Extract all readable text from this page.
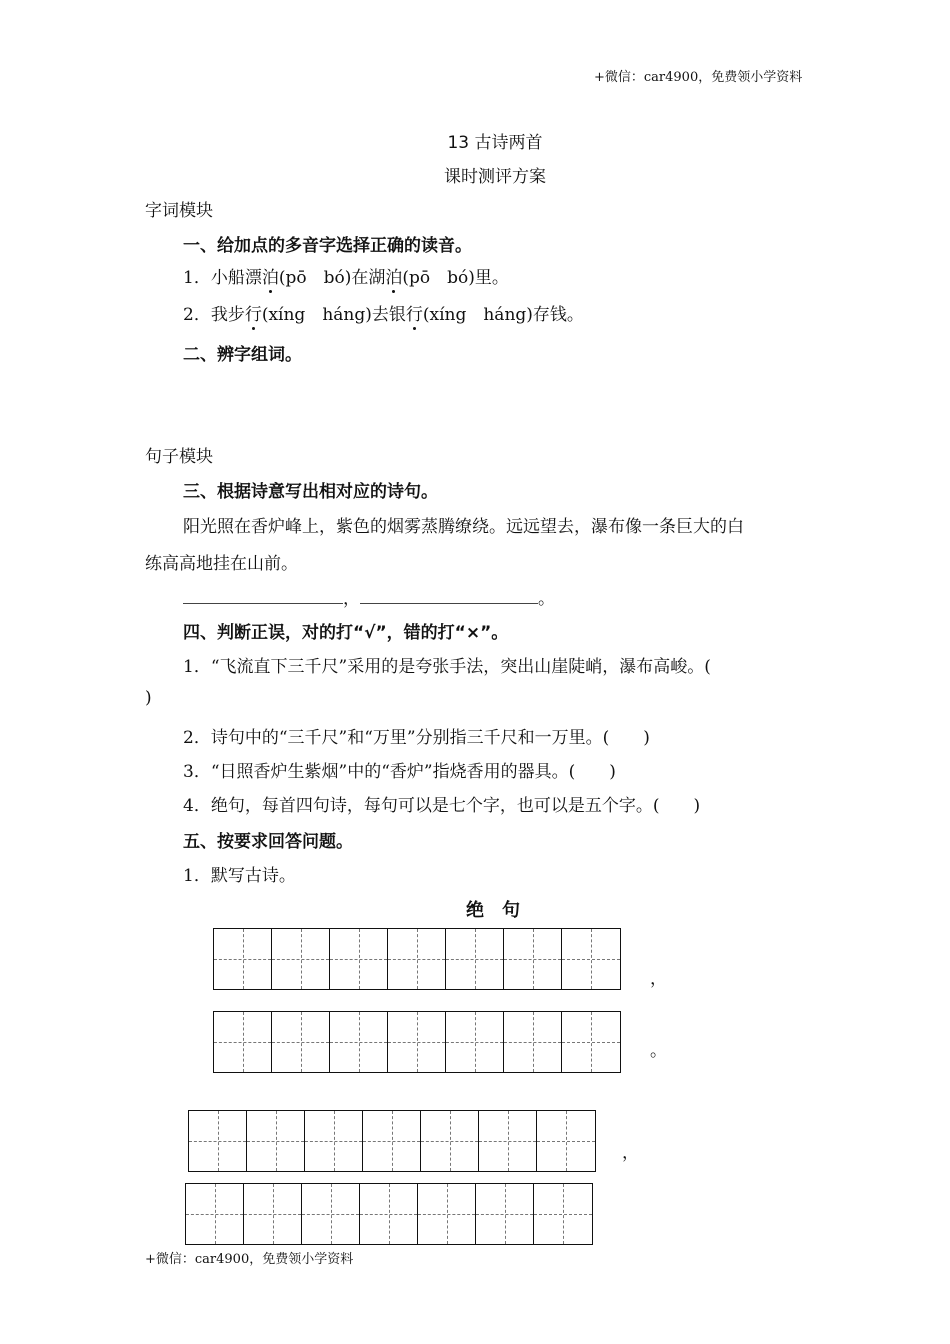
+微信：car4900，免费领小学资料
13 古诗两首
课时测评方案
字词模块
一、给加点的多音字选择正确的读音。
1．小船漂泊(pō　bó)在湖泊(pō　bó)里。
2．我步行(xíng　háng)去银行(xíng　háng)存钱。
二、辨字组词。
句子模块
三、根据诗意写出相对应的诗句。
阳光照在香炉峰上，紫色的烟雾蒸腾缭绕。远远望去，瀑布像一条巨大的白
练高高地挂在山前。
，	。
四、判断正误，对的打“√”，错的打“×”。
1．“飞流直下三千尺”采用的是夸张手法，突出山崖陡峭，瀑布高峻。(
)
2．诗句中的“三千尺”和“万里”分别指三千尺和一万里。(　　)
3．“日照香炉生紫烟”中的“香炉”指烧香用的器具。(　　)
4．绝句，每首四句诗，每句可以是七个字，也可以是五个字。(　　)
五、按要求回答问题。
1．默写古诗。
绝　句
，
。
，
+微信：car4900，免费领小学资料
